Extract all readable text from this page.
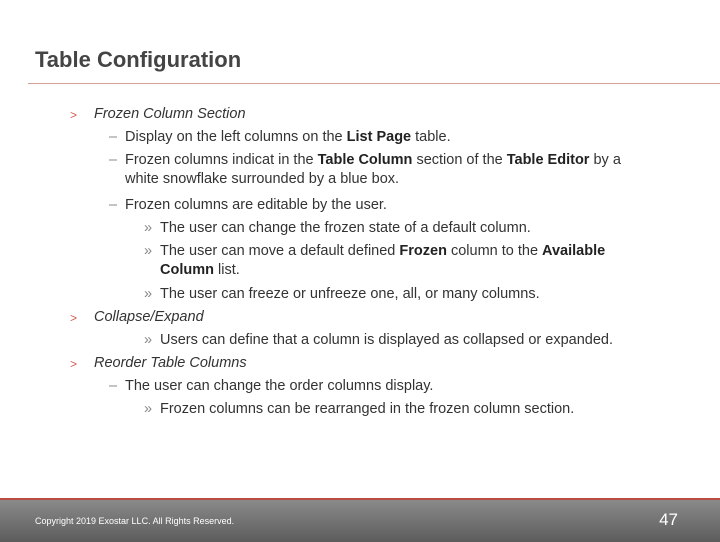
Table Configuration
> Frozen Column Section
– Display on the left columns on the List Page table.
– Frozen columns indicat in the Table Column section of the Table Editor by a
white snowflake surrounded by a blue box.
– Frozen columns are editable by the user.
» The user can change the frozen state of a default column.
» The user can move a default defined Frozen column to the Available
Column list.
» The user can freeze or unfreeze one, all, or many columns.
> Collapse/Expand
» Users can define that a column is displayed as collapsed or expanded.
> Reorder Table Columns
– The user can change the order columns display.
» Frozen columns can be rearranged in the frozen column section.
Copyright 2019 Exostar LLC. All Rights Reserved.	47
